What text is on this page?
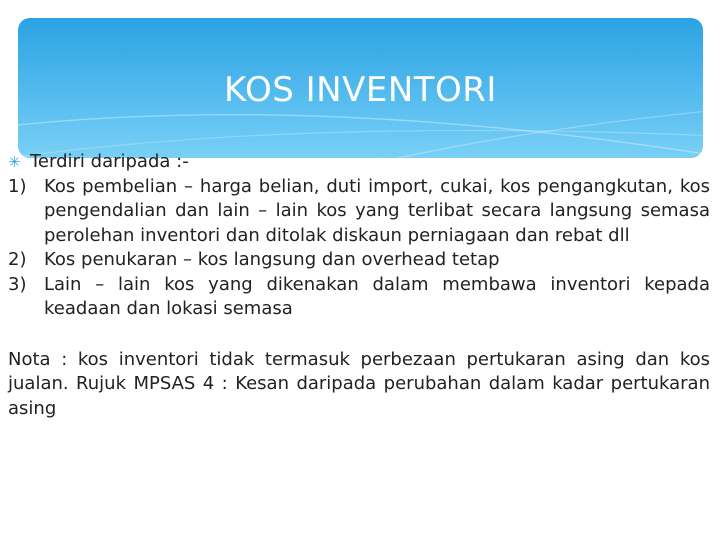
KOS INVENTORI
✳ Terdiri daripada :-
1) Kos pembelian – harga belian, duti import, cukai, kos pengangkutan, kos pengendalian dan lain – lain kos yang terlibat secara langsung semasa perolehan inventori dan ditolak diskaun perniagaan dan rebat dll
2) Kos penukaran – kos langsung dan overhead tetap
3) Lain – lain kos yang dikenakan dalam membawa inventori kepada keadaan dan lokasi semasa
Nota : kos inventori tidak termasuk perbezaan pertukaran asing dan kos jualan. Rujuk MPSAS 4 : Kesan daripada perubahan dalam kadar pertukaran asing
